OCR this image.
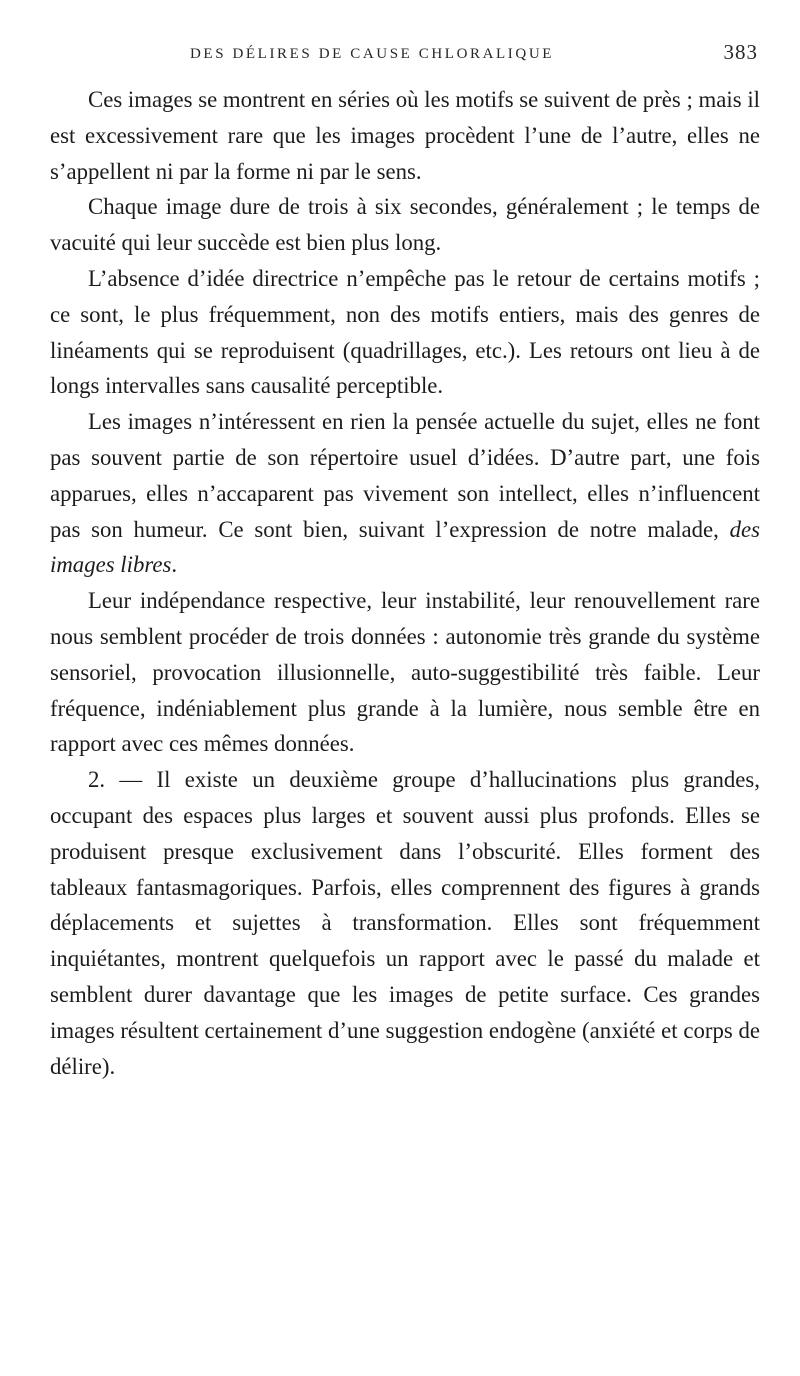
DES DÉLIRES DE CAUSE CHLORALIQUE	383

Ces images se montrent en séries où les motifs se suivent de près ; mais il est excessivement rare que les images procèdent l’une de l’autre, elles ne s’appellent ni par la forme ni par le sens.

Chaque image dure de trois à six secondes, généralement ; le temps de vacuité qui leur succède est bien plus long.

L’absence d’idée directrice n’empêche pas le retour de certains motifs ; ce sont, le plus fréquemment, non des motifs entiers, mais des genres de linéaments qui se reproduisent (quadrillages, etc.). Les retours ont lieu à de longs intervalles sans causalité perceptible.

Les images n’intéressent en rien la pensée actuelle du sujet, elles ne font pas souvent partie de son répertoire usuel d’idées. D’autre part, une fois apparues, elles n’accaparent pas vivement son intellect, elles n’influencent pas son humeur. Ce sont bien, suivant l’expression de notre malade, des images libres.

Leur indépendance respective, leur instabilité, leur renouvellement rare nous semblent procéder de trois données : autonomie très grande du système sensoriel, provocation illusionnelle, auto-suggestibilité très faible. Leur fréquence, indéniablement plus grande à la lumière, nous semble être en rapport avec ces mêmes données.

2. — Il existe un deuxième groupe d’hallucinations plus grandes, occupant des espaces plus larges et souvent aussi plus profonds. Elles se produisent presque exclusivement dans l’obscurité. Elles forment des tableaux fantasmagoriques. Parfois, elles comprennent des figures à grands déplacements et sujettes à transformation. Elles sont fréquemment inquiétantes, montrent quelquefois un rapport avec le passé du malade et semblent durer davantage que les images de petite surface. Ces grandes images résultent certainement d’une suggestion endogène (anxiété et corps de délire).
